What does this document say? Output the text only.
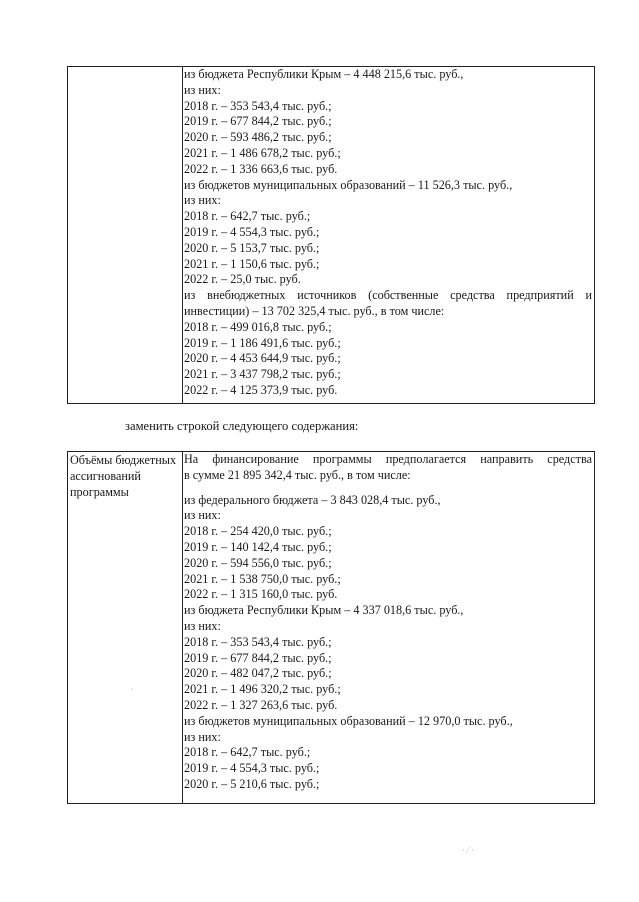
из бюджета Республики Крым – 4 448 215,6 тыс. руб.,
из них:
2018 г. – 353 543,4 тыс. руб.;
2019 г. – 677 844,2 тыс. руб.;
2020 г. – 593 486,2 тыс. руб.;
2021 г. – 1 486 678,2 тыс. руб.;
2022 г. – 1 336 663,6 тыс. руб.
из бюджетов муниципальных образований – 11 526,3 тыс. руб.,
из них:
2018 г. – 642,7 тыс. руб.;
2019 г. – 4 554,3 тыс. руб.;
2020 г. – 5 153,7 тыс. руб.;
2021 г. – 1 150,6 тыс. руб.;
2022 г. – 25,0 тыс. руб.
из внебюджетных источников (собственные средства предприятий и
инвестиции) – 13 702 325,4 тыс. руб., в том числе:
2018 г. – 499 016,8 тыс. руб.;
2019 г. – 1 186 491,6 тыс. руб.;
2020 г. – 4 453 644,9 тыс. руб.;
2021 г. – 3 437 798,2 тыс. руб.;
2022 г. – 4 125 373,9 тыс. руб.
заменить строкой следующего содержания:
Объёмы бюджетных ассигнований программы
На финансирование программы предполагается направить средства
в сумме 21 895 342,4 тыс. руб., в том числе:
из федерального бюджета – 3 843 028,4 тыс. руб.,
из них:
2018 г. – 254 420,0 тыс. руб.;
2019 г. – 140 142,4 тыс. руб.;
2020 г. – 594 556,0 тыс. руб.;
2021 г. – 1 538 750,0 тыс. руб.;
2022 г. – 1 315 160,0 тыс. руб.
из бюджета Республики Крым – 4 337 018,6 тыс. руб.,
из них:
2018 г. – 353 543,4 тыс. руб.;
2019 г. – 677 844,2 тыс. руб.;
2020 г. – 482 047,2 тыс. руб.;
2021 г. – 1 496 320,2 тыс. руб.;
2022 г. – 1 327 263,6 тыс. руб.
из бюджетов муниципальных образований – 12 970,0 тыс. руб.,
из них:
2018 г. – 642,7 тыс. руб.;
2019 г. – 4 554,3 тыс. руб.;
2020 г. – 5 210,6 тыс. руб.;
· ⁄ ·
·
